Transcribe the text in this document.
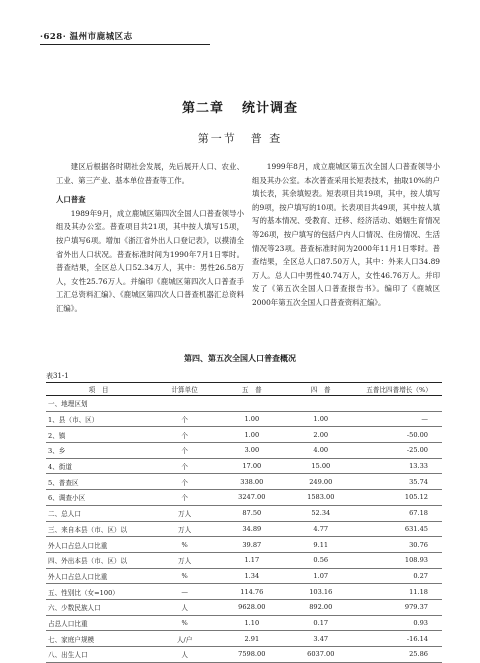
·628· 温州市鹿城区志
第二章 统计调查
第一节 普 查

建区后根据各时期社会发展，先后展开人口、农业、工业、第三产业、基本单位普查等工作。

人口普查

1989年9月，成立鹿城区第四次全国人口普查领导小组及其办公室。普查项目共21项，其中按人填写15项，按户填写6项。增加《浙江省外出人口登记表》，以摸清全省外出人口状况。普查标准时间为1990年7月1日零时。普查结果，全区总人口52.34万人，其中：男性26.58万人，女性25.76万人。并编印《鹿城区第四次人口普查手工汇总资料汇编》、《鹿城区第四次人口普查机器汇总资料汇编》。

1999年8月，成立鹿城区第五次全国人口普查领导小组及其办公室。本次普查采用长短表技术，抽取10%的户填长表，其余填短表。短表项目共19项，其中，按人填写的9项，按户填写的10项。长表项目共49项，其中按人填写的基本情况、受教育、迁移、经济活动、婚姻生育情况等26项，按户填写的包括户内人口情况、住房情况、生活情况等23项。普查标准时间为2000年11月1日零时。普查结果，全区总人口87.50万人，其中：外来人口34.89万人。总人口中男性40.74万人，女性46.76万人。并印发了《第五次全国人口普查报告书》。编印了《鹿城区2000年第五次全国人口普查资料汇编》。

第四、第五次全国人口普查概况
表31-1
项　目	计算单位	五　普	四　普	五普比四普增长（%）
一、地理区划				
1、县（市、区）	个	1.00	1.00	—
2、镇	个	1.00	2.00	-50.00
3、乡	个	3.00	4.00	-25.00
4、街道	个	17.00	15.00	13.33
5、普查区	个	338.00	249.00	35.74
6、调查小区	个	3247.00	1583.00	105.12
二、总人口	万人	87.50	52.34	67.18
三、来自本县（市、区）以	万人	34.89	4.77	631.45
外人口占总人口比重	%	39.87	9.11	30.76
四、外出本县（市、区）以	万人	1.17	0.56	108.93
外人口占总人口比重	%	1.34	1.07	0.27
五、性别比（女=100）	—	114.76	103.16	11.18
六、少数民族人口	人	9628.00	892.00	979.37
占总人口比重	%	1.10	0.17	0.93
七、家庭户规模	人/户	2.91	3.47	-16.14
八、出生人口	人	7598.00	6037.00	25.86
